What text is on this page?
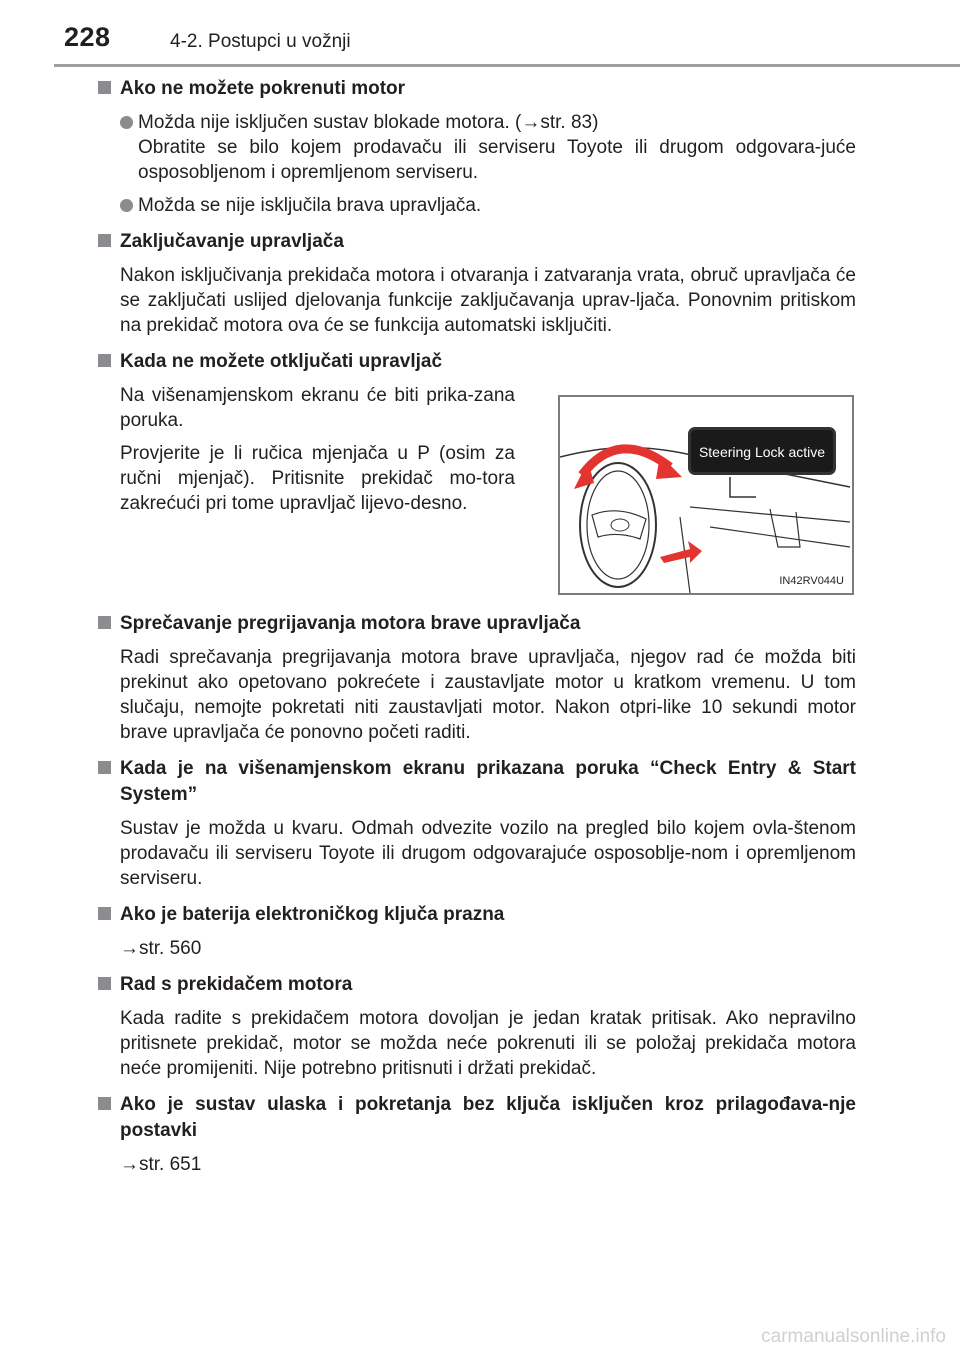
228	4-2. Postupci u vožnji
Ako ne možete pokrenuti motor
Možda nije isključen sustav blokade motora. (→str. 83)
Obratite se bilo kojem prodavaču ili serviseru Toyote ili drugom odgovara-juće osposobljenom i opremljenom serviseru.
Možda se nije isključila brava upravljača.
Zaključavanje upravljača
Nakon isključivanja prekidača motora i otvaranja i zatvaranja vrata, obruč upravljača će se zaključati uslijed djelovanja funkcije zaključavanja uprav-ljača. Ponovnim pritiskom na prekidač motora ova će se funkcija automatski isključiti.
Kada ne možete otključati upravljač
Na višenamjenskom ekranu će biti prika-zana poruka.
Provjerite je li ručica mjenjača u P (osim za ručni mjenjač). Pritisnite prekidač mo-tora zakrećući pri tome upravljač lijevo-desno.
Steering Lock active
IN42RV044U
Sprečavanje pregrijavanja motora brave upravljača
Radi sprečavanja pregrijavanja motora brave upravljača, njegov rad će možda biti prekinut ako opetovano pokrećete i zaustavljate motor u kratkom vremenu. U tom slučaju, nemojte pokretati niti zaustavljati motor. Nakon otpri-like 10 sekundi motor brave upravljača će ponovno početi raditi.
Kada je na višenamjenskom ekranu prikazana poruka “Check Entry & Start System”
Sustav je možda u kvaru. Odmah odvezite vozilo na pregled bilo kojem ovla-štenom prodavaču ili serviseru Toyote ili drugom odgovarajuće osposoblje-nom i opremljenom serviseru.
Ako je baterija elektroničkog ključa prazna
→str. 560
Rad s prekidačem motora
Kada radite s prekidačem motora dovoljan je jedan kratak pritisak. Ako nepravilno pritisnete prekidač, motor se možda neće pokrenuti ili se položaj prekidača motora neće promijeniti. Nije potrebno pritisnuti i držati prekidač.
Ako je sustav ulaska i pokretanja bez ključa isključen kroz prilagođava-nje postavki
→str. 651
carmanualsonline.info
